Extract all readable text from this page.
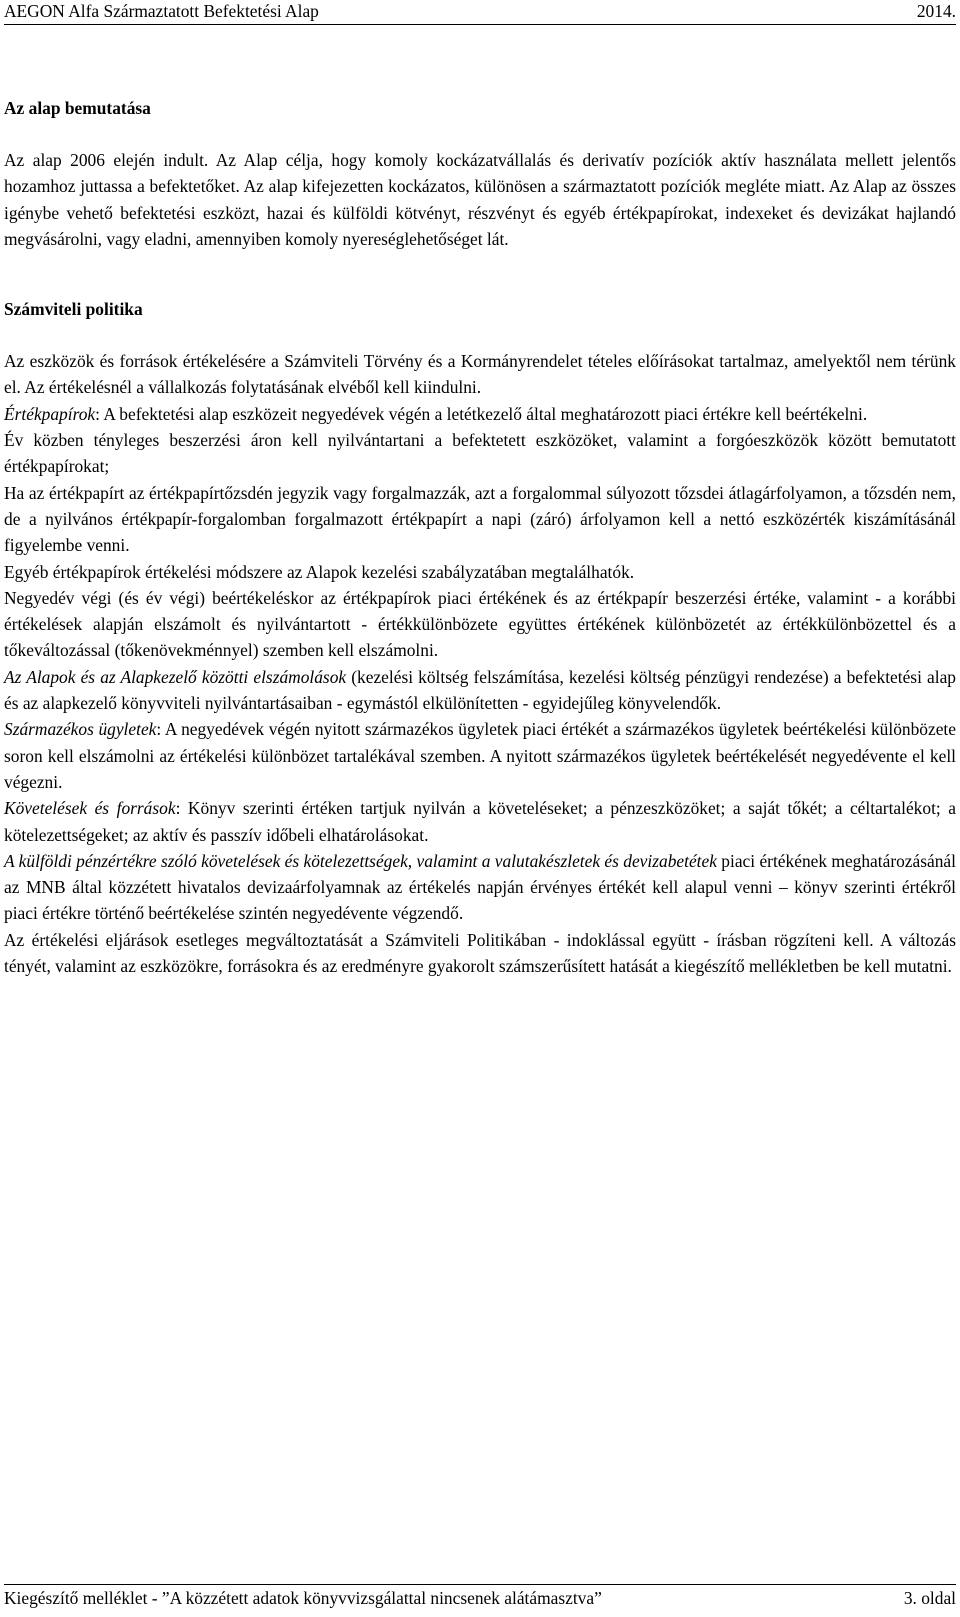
AEGON Alfa Származtatott Befektetési Alap	2014.

Az alap bemutatása

Az alap 2006 elején indult. Az Alap célja, hogy komoly kockázatvállalás és derivatív pozíciók aktív használata mellett jelentős hozamhoz juttassa a befektetőket. Az alap kifejezetten kockázatos, különösen a származtatott pozíciók megléte miatt. Az Alap az összes igénybe vehető befektetési eszközt, hazai és külföldi kötvényt, részvényt és egyéb értékpapírokat, indexeket és devizákat hajlandó megvásárolni, vagy eladni, amennyiben komoly nyereséglehetőséget lát.

Számviteli politika

Az eszközök és források értékelésére a Számviteli Törvény és a Kormányrendelet tételes előírásokat tartalmaz, amelyektől nem térünk el. Az értékelésnél a vállalkozás folytatásának elvéből kell kiindulni.

Értékpapírok: A befektetési alap eszközeit negyedévek végén a letétkezelő által meghatározott piaci értékre kell beértékelni.

Év közben tényleges beszerzési áron kell nyilvántartani a befektetett eszközöket, valamint a forgóeszközök között bemutatott értékpapírokat;

Ha az értékpapírt az értékpapírtőzsdén jegyzik vagy forgalmazzák, azt a forgalommal súlyozott tőzsdei átlagárfolyamon, a tőzsdén nem, de a nyilvános értékpapír-forgalomban forgalmazott értékpapírt a napi (záró) árfolyamon kell a nettó eszközérték kiszámításánál figyelembe venni.

Egyéb értékpapírok értékelési módszere az Alapok kezelési szabályzatában megtalálhatók.

Negyedév végi (és év végi) beértékeléskor az értékpapírok piaci értékének és az értékpapír beszerzési értéke, valamint - a korábbi értékelések alapján elszámolt és nyilvántartott - értékkülönbözete együttes értékének különbözetét az értékkülönbözettel és a tőkeváltozással (tőkenövekménnyel) szemben kell elszámolni.

Az Alapok és az Alapkezelő közötti elszámolások (kezelési költség felszámítása, kezelési költség pénzügyi rendezése) a befektetési alap és az alapkezelő könyvviteli nyilvántartásaiban - egymástól elkülönítetten - egyidejűleg könyvelendők.

Származékos ügyletek: A negyedévek végén nyitott származékos ügyletek piaci értékét a származékos ügyletek beértékelési különbözete soron kell elszámolni az értékelési különbözet tartalékával szemben. A nyitott származékos ügyletek beértékelését negyedévente el kell végezni.

Követelések és források: Könyv szerinti értéken tartjuk nyilván a követeléseket; a pénzeszközöket; a saját tőkét; a céltartalékot; a kötelezettségeket; az aktív és passzív időbeli elhatárolásokat.

A külföldi pénzértékre szóló követelések és kötelezettségek, valamint a valutakészletek és devizabetétek piaci értékének meghatározásánál az MNB által közzétett hivatalos devizaárfolyamnak az értékelés napján érvényes értékét kell alapul venni – könyv szerinti értékről piaci értékre történő beértékelése szintén negyedévente végzendő.

Az értékelési eljárások esetleges megváltoztatását a Számviteli Politikában - indoklással együtt - írásban rögzíteni kell. A változás tényét, valamint az eszközökre, forrásokra és az eredményre gyakorolt számszerűsített hatását a kiegészítő mellékletben be kell mutatni.

Kiegészítő melléklet - ”A közzétett adatok könyvvizsgálattal nincsenek alátámasztva”	3. oldal
